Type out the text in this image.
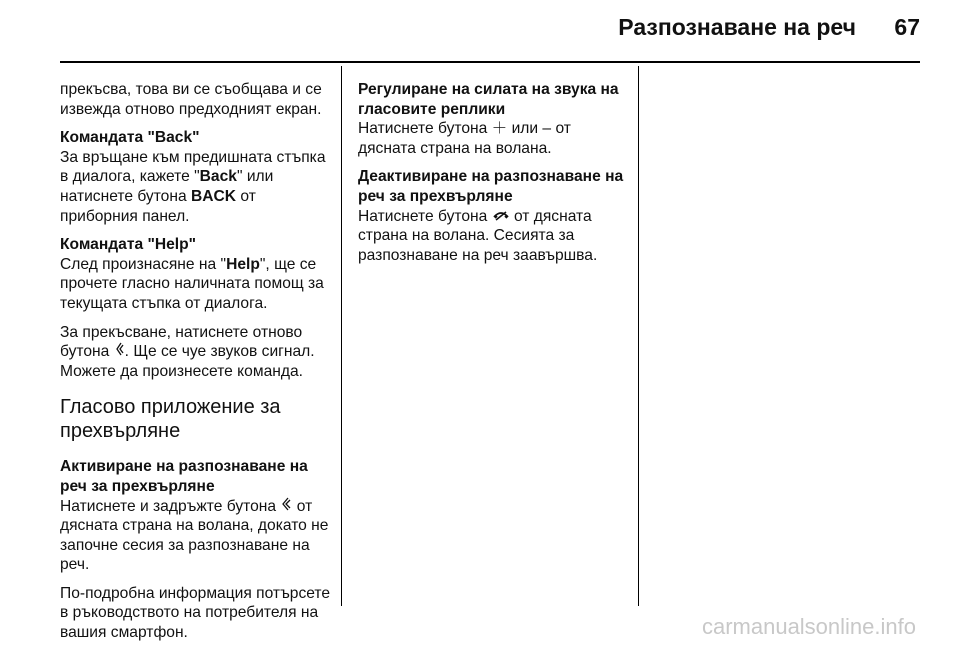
Разпознаване на реч 67

прекъсва, това ви се съобщава и се извежда отново предходният екран.

Командата "Back"

За връщане към предишната стъпка в диалога, кажете "Back" или натиснете бутона BACK от приборния панел.

Командата "Help"

След произнасяне на "Help", ще се прочете гласно наличната помощ за текущата стъпка от диалога.

За прекъсване, натиснете отново бутона . Ще се чуе звуков сигнал. Можете да произнесете команда.

Гласово приложение за прехвърляне

Активиране на разпознаване на реч за прехвърляне

Натиснете и задръжте бутона  от дясната страна на волана, докато не започне сесия за разпознаване на реч.

По-подробна информация потърсете в ръководството на потребителя на вашия смартфон.

Регулиране на силата на звука на гласовите реплики

Натиснете бутона ＋ или – от дясната страна на волана.

Деактивиране на разпознаване на реч за прехвърляне

Натиснете бутона  от дясната страна на волана. Сесията за разпознаване на реч заавършва.

carmanualsonline.info
